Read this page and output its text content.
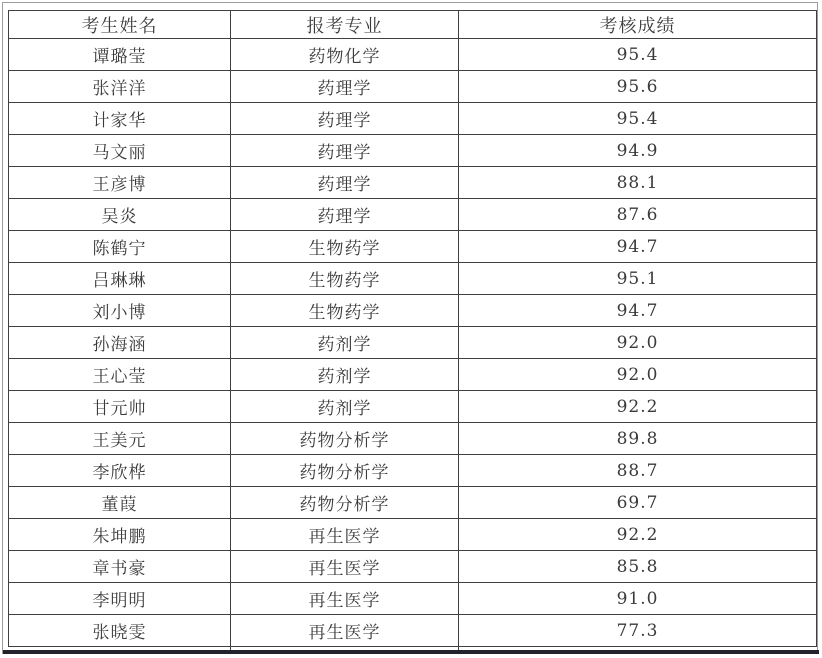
考生姓名	报考专业	考核成绩
谭璐莹	药物化学	95.4
张洋洋	药理学	95.6
计家华	药理学	95.4
马文丽	药理学	94.9
王彦博	药理学	88.1
吴炎	药理学	87.6
陈鹤宁	生物药学	94.7
吕琳琳	生物药学	95.1
刘小博	生物药学	94.7
孙海涵	药剂学	92.0
王心莹	药剂学	92.0
甘元帅	药剂学	92.2
王美元	药物分析学	89.8
李欣桦	药物分析学	88.7
董葭	药物分析学	69.7
朱坤鹏	再生医学	92.2
章书豪	再生医学	85.8
李明明	再生医学	91.0
张晓雯	再生医学	77.3
